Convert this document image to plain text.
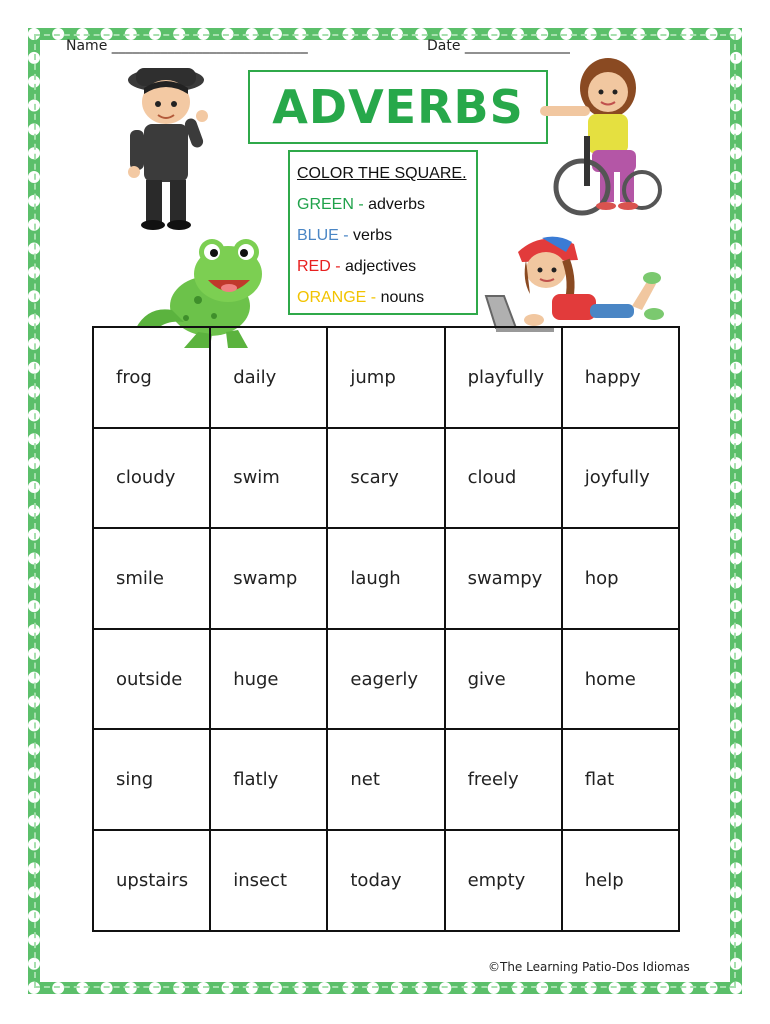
Name ____________________________	Date _______________
ADVERBS
COLOR THE SQUARE.
GREEN - adverbs
BLUE - verbs
RED - adjectives
ORANGE - nouns
frog	daily	jump	playfully	happy
cloudy	swim	scary	cloud	joyfully
smile	swamp	laugh	swampy	hop
outside	huge	eagerly	give	home
sing	flatly	net	freely	flat
upstairs	insect	today	empty	help
©The Learning Patio-Dos Idiomas
